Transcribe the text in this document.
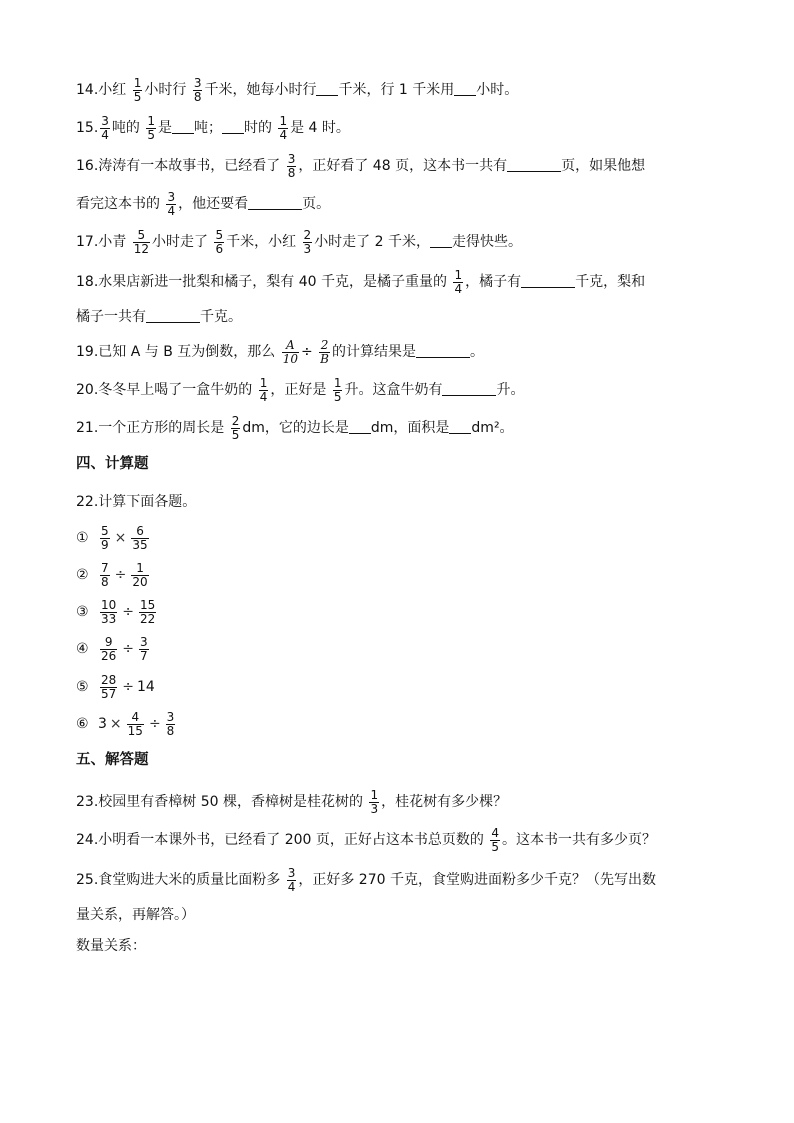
14.小红 $\frac{1}{5}$ 小时行 $\frac{3}{8}$ 千米，她每小时行 千米，行 1 千米用 小时。
15. $\frac{3}{4}$ 吨的 $\frac{1}{5}$ 是 吨； 时的 $\frac{1}{4}$ 是 4 时。
16.涛涛有一本故事书，已经看了 $\frac{3}{8}$ ，正好看了 48 页，这本书一共有	页，如果他想
看完这本书的 $\frac{3}{4}$ ，他还要看	页。
17.小青 $\frac{5}{12}$ 小时走了 $\frac{5}{6}$ 千米，小红 $\frac{2}{3}$ 小时走了 2 千米， 走得快些。
18.水果店新进一批梨和橘子，梨有 40 千克，是橘子重量的 $\frac{1}{4}$ ，橘子有	千克，梨和
橘子一共有	千克。
19.已知 A 与 B 互为倒数，那么 $\frac{A}{10} \div \frac{2}{B}$ 的计算结果是	。
20.冬冬早上喝了一盒牛奶的 $\frac{1}{4}$ ，正好是 $\frac{1}{5}$ 升。这盒牛奶有	升。
21.一个正方形的周长是 $\frac{2}{5}$ dm，它的边长是 dm，面积是 dm²。
四、计算题
22.计算下面各题。
① $\frac{5}{9} \times \frac{6}{35}$
② $\frac{7}{8} \div \frac{1}{20}$
③ $\frac{10}{33} \div \frac{15}{22}$
④ $\frac{9}{26} \div \frac{3}{7}$
⑤ $\frac{28}{57} \div 14$
⑥ $3 \times \frac{4}{15} \div \frac{3}{8}$
五、解答题
23.校园里有香樟树 50 棵，香樟树是桂花树的 $\frac{1}{3}$ ，桂花树有多少棵？
24.小明看一本课外书，已经看了 200 页，正好占这本书总页数的 $\frac{4}{5}$ 。这本书一共有多少页？
25.食堂购进大米的质量比面粉多 $\frac{3}{4}$ ，正好多 270 千克，食堂购进面粉多少千克？（先写出数
量关系，再解答。）
数量关系：
